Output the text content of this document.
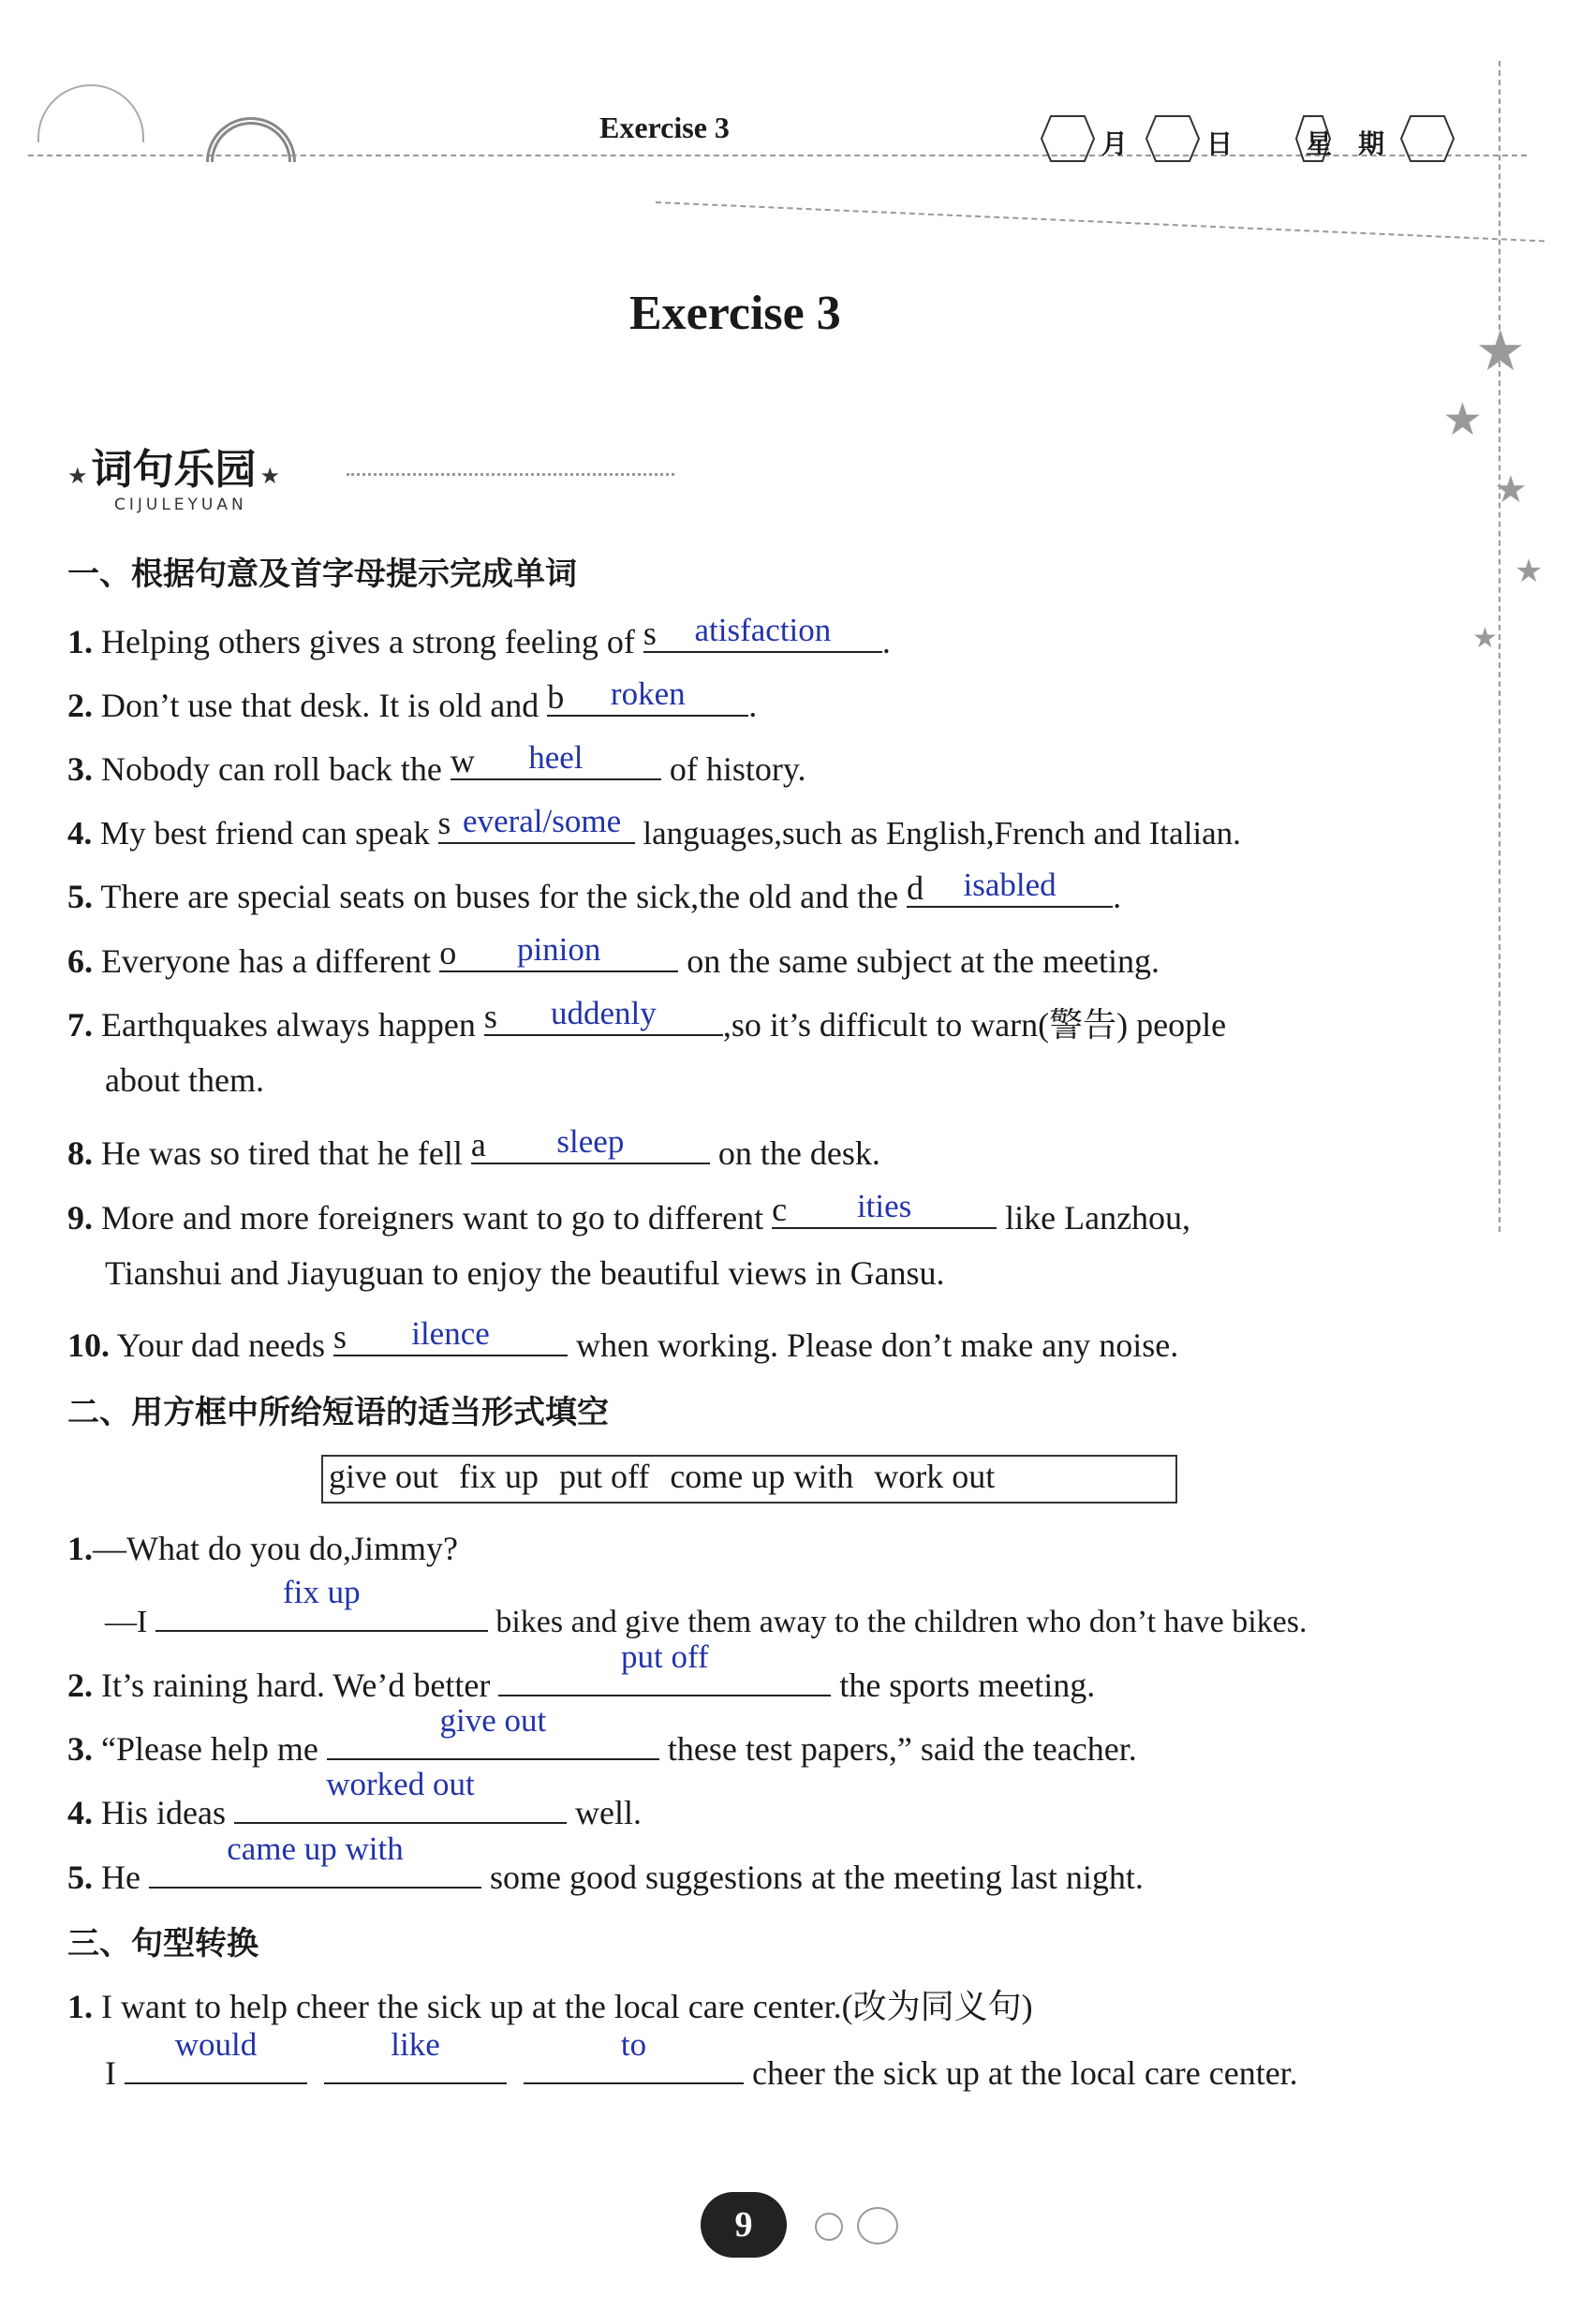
Exercise 3	月	日	星 期
★
★
★
★
★
Exercise 3
★ 词句乐园 ★
CIJULEYUAN
一、根据句意及首字母提示完成单词
1. Helping others gives a strong feeling of s	atisfaction	.
2. Don’t use that desk. It is old and b	roken	.
3. Nobody can roll back the w	heel	of history.
4. My best friend can speak s everal/some languages,such as English,French and Italian.
5. There are special seats on buses for the sick,the old and the d	isabled	.
6. Everyone has a different o	pinion	on the same subject at the meeting.
7. Earthquakes always happen s	uddenly	,so it’s difficult to warn(警告) people
about them.
8. He was so tired that he fell a	sleep	on the desk.
9. More and more foreigners want to go to different c	ities	like Lanzhou,
Tianshui and Jiayuguan to enjoy the beautiful views in Gansu.
10. Your dad needs s	ilence	when working. Please don’t make any noise.
二、用方框中所给短语的适当形式填空
give out fix up put off come up with work out
1.—What do you do,Jimmy?
—I
fix up
bikes and give them away to the children who don’t have bikes.
2. It’s raining hard. We’d better
put off
the sports meeting.
3. “Please help me
give out
these test papers,” said the teacher.
4. His ideas
worked out
well.
5. He
came up with
some good suggestions at the meeting last night.
三、句型转换
1. I want to help cheer the sick up at the local care center.(改为同义句)
I
would
	like
	to
cheer the sick up at the local care center.
9
